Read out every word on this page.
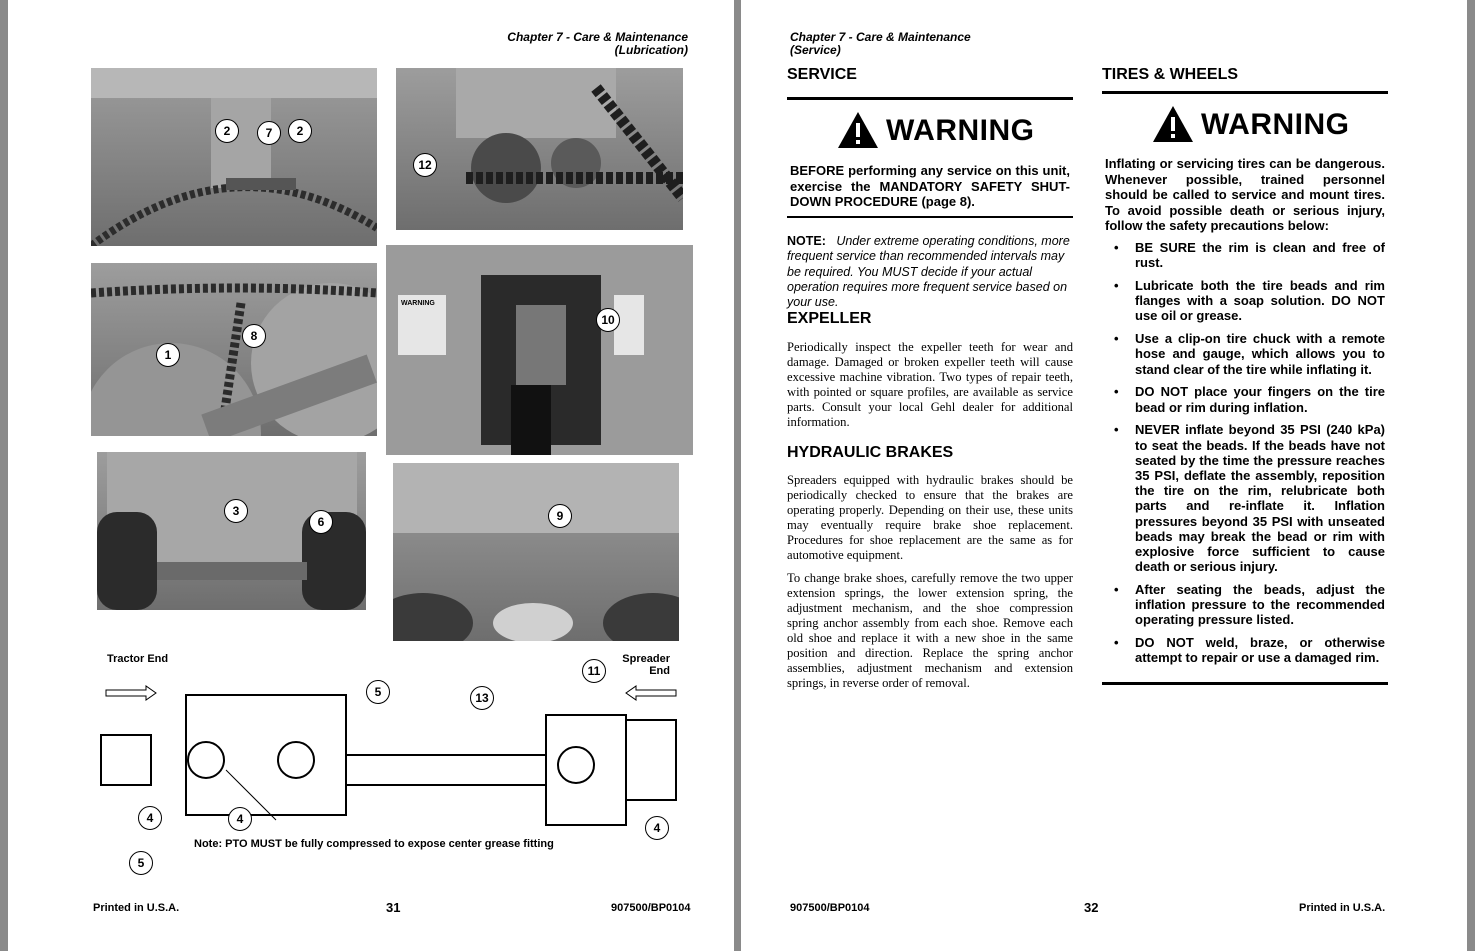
Chapter 7 - Care & Maintenance
(Lubrication)
2	7	2
12
1
8
WARNING
10
3
6	9
Tractor End	Spreader End
5	13
11
4	4
4
5
Note: PTO MUST be fully compressed to expose center grease fitting
Printed in U.S.A.	31	907500/BP0104
Chapter 7 - Care & Maintenance
(Service)
SERVICE
WARNING
BEFORE performing any service on this unit, exercise the MANDATORY SAFETY SHUT-DOWN PROCEDURE (page 8).
NOTE: Under extreme operating conditions, more frequent service than recommended intervals may be required. You MUST decide if your actual operation requires more frequent service based on your use.
EXPELLER
Periodically inspect the expeller teeth for wear and damage. Damaged or broken expeller teeth will cause excessive machine vibration. Two types of repair teeth, with pointed or square profiles, are available as service parts. Consult your local Gehl dealer for additional information.
HYDRAULIC BRAKES
Spreaders equipped with hydraulic brakes should be periodically checked to ensure that the brakes are operating properly. Depending on their use, these units may eventually require brake shoe replacement. Procedures for shoe replacement are the same as for automotive equipment.
To change brake shoes, carefully remove the two upper extension springs, the lower extension spring, the adjustment mechanism, and the shoe compression spring anchor assembly from each shoe. Remove each old shoe and replace it with a new shoe in the same position and direction. Replace the spring anchor assemblies, adjustment mechanism and extension springs, in reverse order of removal.
TIRES & WHEELS
WARNING
Inflating or servicing tires can be dangerous. Whenever possible, trained personnel should be called to service and mount tires. To avoid possible death or serious injury, follow the safety precautions below:
• BE SURE the rim is clean and free of rust.
• Lubricate both the tire beads and rim flanges with a soap solution. DO NOT use oil or grease.
• Use a clip-on tire chuck with a remote hose and gauge, which allows you to stand clear of the tire while inflating it.
• DO NOT place your fingers on the tire bead or rim during inflation.
• NEVER inflate beyond 35 PSI (240 kPa) to seat the beads. If the beads have not seated by the time the pressure reaches 35 PSI, deflate the assembly, reposition the tire on the rim, relubricate both parts and re-inflate it. Inflation pressures beyond 35 PSI with unseated beads may break the bead or rim with explosive force sufficient to cause death or serious injury.
• After seating the beads, adjust the inflation pressure to the recommended operating pressure listed.
• DO NOT weld, braze, or otherwise attempt to repair or use a damaged rim.
907500/BP0104	32	Printed in U.S.A.
